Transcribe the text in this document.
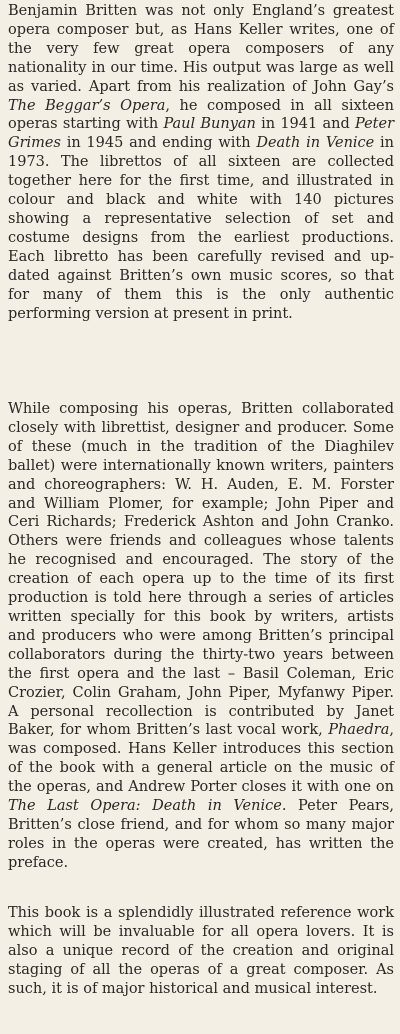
Benjamin Britten was not only England’s greatest opera composer but, as Hans Keller writes, one of the very few great opera composers of any nationality in our time. His output was large as well as varied. Apart from his realization of John Gay’s The Beggar’s Opera, he composed in all sixteen operas starting with Paul Bunyan in 1941 and Peter Grimes in 1945 and ending with Death in Venice in 1973. The librettos of all sixteen are collected together here for the first time, and illustrated in colour and black and white with 140 pictures showing a representative selection of set and costume designs from the earliest productions. Each libretto has been carefully revised and up-dated against Britten’s own music scores, so that for many of them this is the only authentic performing version at present in print.

While composing his operas, Britten collaborated closely with librettist, designer and producer. Some of these (much in the tradition of the Diaghilev ballet) were internationally known writers, painters and choreographers: W. H. Auden, E. M. Forster and William Plomer, for example; John Piper and Ceri Richards; Frederick Ashton and John Cranko. Others were friends and colleagues whose talents he recognised and encouraged. The story of the creation of each opera up to the time of its first production is told here through a series of articles written specially for this book by writers, artists and producers who were among Britten’s principal collaborators during the thirty-two years between the first opera and the last – Basil Coleman, Eric Crozier, Colin Graham, John Piper, Myfanwy Piper. A personal recollection is contributed by Janet Baker, for whom Britten’s last vocal work, Phaedra, was composed. Hans Keller introduces this section of the book with a general article on the music of the operas, and Andrew Porter closes it with one on The Last Opera: Death in Venice. Peter Pears, Britten’s close friend, and for whom so many major roles in the operas were created, has written the preface.

This book is a splendidly illustrated reference work which will be invaluable for all opera lovers. It is also a unique record of the creation and original staging of all the operas of a great composer. As such, it is of major historical and musical interest.
